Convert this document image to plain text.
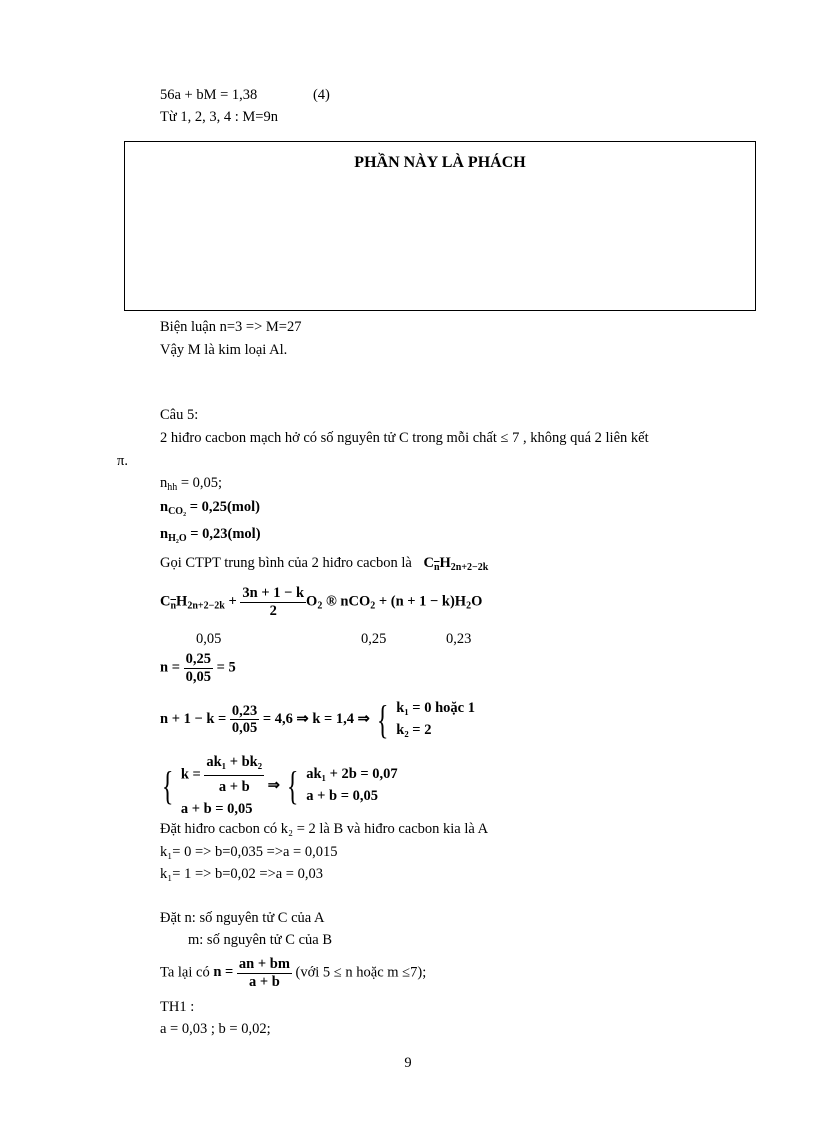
56a + bM = 1,38	(4)
Từ 1, 2, 3, 4 : M=9n
PHẦN NÀY LÀ PHÁCH
Biện luận n=3 => M=27
Vậy M là kim loại Al.
Câu 5:
2 hiđro cacbon mạch hở có số nguyên tử C trong mỗi chất ≤ 7 , không quá 2 liên kết
π.
$n_{hh} = 0,05$;
$n_{CO_2} = 0,25(mol)$
$n_{H_2O} = 0,23(mol)$
Gọi CTPT trung bình của 2 hiđro cacbon là $C_{\overline{n}}H_{2n+2-2k}$
$C_{\overline{n}}H_{2n+2-2k} + \frac{3n + 1 - k}{2} O_2$ ® $nCO_2 + (n + 1 - k)H_2O$
0,05	0,25	0,23
$n = \frac{0,25}{0,05} = 5$
$n + 1 - k = \frac{0,23}{0,05} = 4,6$ ⇒ k = 1,4 ⇒ { k₁ = 0 hoặc 1
k₂ = 2
{ $k = \frac{\text{ak₁ + bk₂}}{a + b}$
a + b = 0,05
⇒ { ak₁ + 2b = 0,07
a + b = 0,05
Đặt hiđro cacbon có k₂ = 2 là B và hiđro cacbon kia là A
k₁= 0 => b=0,035 =>a = 0,015
k₁= 1 => b=0,02 =>a = 0,03
Đặt n: số nguyên tử C của A
m: số nguyên tử C của B
Ta lại có $n = \frac{an + bm}{a + b}$ (với 5 ≤ n hoặc m ≤7);
TH1 :
a = 0,03 ; b = 0,02;
9
